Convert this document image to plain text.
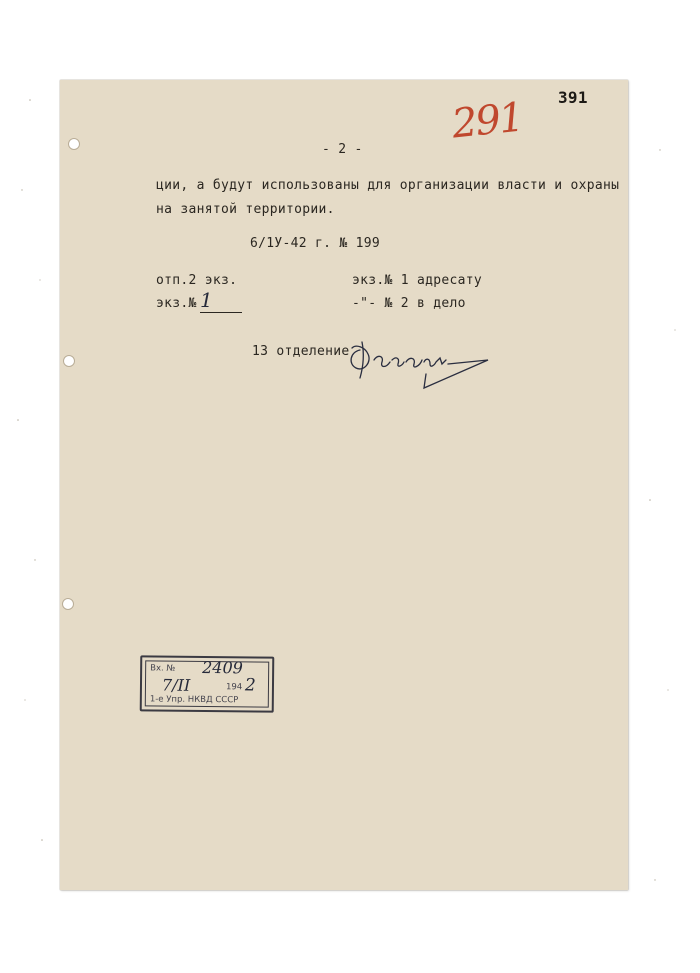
391
291
- 2 -
ции, а будут использованы для организации власти и охраны
на занятой территории.
6/1У-42 г. № 199
отп.2 экз.
экз.№ 1
экз.№ 1 адресату
-"- № 2 в дело
13 отделение
Вх. № 2409
7/II	194 2
1-е Упр. НКВД СССР
